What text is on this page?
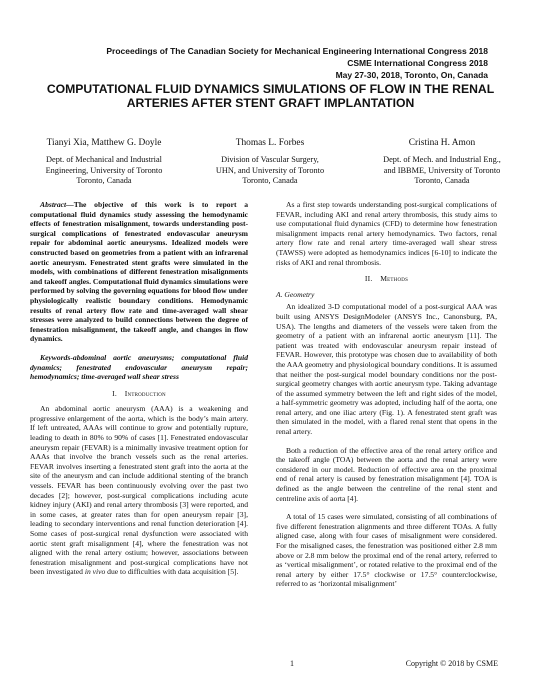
Proceedings of The Canadian Society for Mechanical Engineering International Congress 2018
CSME International Congress 2018
May 27-30, 2018, Toronto, On, Canada
COMPUTATIONAL FLUID DYNAMICS SIMULATIONS OF FLOW IN THE RENAL
ARTERIES AFTER STENT GRAFT IMPLANTATION
Tianyi Xia, Matthew G. Doyle
Dept. of Mechanical and Industrial
Engineering, University of Toronto
Toronto, Canada
Thomas L. Forbes
Division of Vascular Surgery,
UHN, and University of Toronto
Toronto, Canada
Cristina H. Amon
Dept. of Mech. and Industrial Eng.,
and IBBME, University of Toronto
Toronto, Canada

Abstract—The objective of this work is to report a computational fluid dynamics study assessing the hemodynamic effects of fenestration misalignment, towards understanding post-surgical complications of fenestrated endovascular aneurysm repair for abdominal aortic aneurysms. Idealized models were constructed based on geometries from a patient with an infrarenal aortic aneurysm. Fenestrated stent grafts were simulated in the models, with combinations of different fenestration misalignments and takeoff angles. Computational fluid dynamics simulations were performed by solving the governing equations for blood flow under physiologically realistic boundary conditions. Hemodynamic results of renal artery flow rate and time-averaged wall shear stresses were analyzed to build connections between the degree of fenestration misalignment, the takeoff angle, and changes in flow dynamics.

Keywords-abdominal aortic aneurysms; computational fluid dynamics; fenestrated endovascular aneurysm repair; hemodynamics; time-averaged wall shear stress

I. Introduction

An abdominal aortic aneurysm (AAA) is a weakening and progressive enlargement of the aorta, which is the body’s main artery. If left untreated, AAAs will continue to grow and potentially rupture, leading to death in 80% to 90% of cases [1]. Fenestrated endovascular aneurysm repair (FEVAR) is a minimally invasive treatment option for AAAs that involve the branch vessels such as the renal arteries. FEVAR involves inserting a fenestrated stent graft into the aorta at the site of the aneurysm and can include additional stenting of the branch vessels. FEVAR has been continuously evolving over the past two decades [2]; however, post-surgical complications including acute kidney injury (AKI) and renal artery thrombosis [3] were reported, and in some cases, at greater rates than for open aneurysm repair [3], leading to secondary interventions and renal function deterioration [4]. Some cases of post-surgical renal dysfunction were associated with aortic stent graft misalignment [4], where the fenestration was not aligned with the renal artery ostium; however, associations between fenestration misalignment and post-surgical complications have not been investigated in vivo due to difficulties with data acquisition [5].

As a first step towards understanding post-surgical complications of FEVAR, including AKI and renal artery thrombosis, this study aims to use computational fluid dynamics (CFD) to determine how fenestration misalignment impacts renal artery hemodynamics. Two factors, renal artery flow rate and renal artery time-averaged wall shear stress (TAWSS) were adopted as hemodynamics indices [6-10] to indicate the risks of AKI and renal thrombosis.

II. Methods
A. Geometry

An idealized 3-D computational model of a post-surgical AAA was built using ANSYS DesignModeler (ANSYS Inc., Canonsburg, PA, USA). The lengths and diameters of the vessels were taken from the geometry of a patient with an infrarenal aortic aneurysm [11]. The patient was treated with endovascular aneurysm repair instead of FEVAR. However, this prototype was chosen due to availability of both the AAA geometry and physiological boundary conditions. It is assumed that neither the post-surgical model boundary conditions nor the post-surgical geometry changes with aortic aneurysm type. Taking advantage of the assumed symmetry between the left and right sides of the model, a half-symmetric geometry was adopted, including half of the aorta, one renal artery, and one iliac artery (Fig. 1). A fenestrated stent graft was then simulated in the model, with a flared renal stent that opens in the renal artery.

Both a reduction of the effective area of the renal artery orifice and the takeoff angle (TOA) between the aorta and the renal artery were considered in our model. Reduction of effective area on the proximal end of renal artery is caused by fenestration misalignment [4]. TOA is defined as the angle between the centreline of the renal stent and centreline axis of aorta [4].

A total of 15 cases were simulated, consisting of all combinations of five different fenestration alignments and three different TOAs. A fully aligned case, along with four cases of misalignment were considered. For the misaligned cases, the fenestration was positioned either 2.8 mm above or 2.8 mm below the proximal end of the renal artery, referred to as ‘vertical misalignment’, or rotated relative to the proximal end of the renal artery by either 17.5° clockwise or 17.5° counterclockwise, referred to as ‘horizontal misalignment’

1	Copyright © 2018 by CSME
